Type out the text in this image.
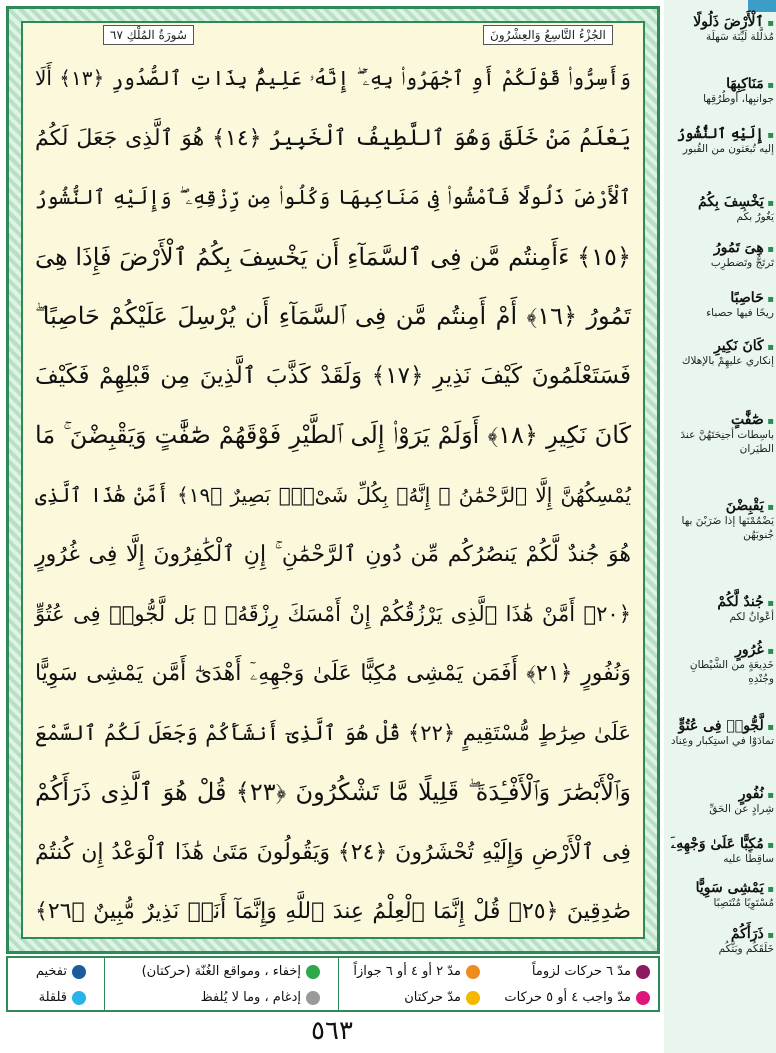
سُورَةُ المُلْكِ ٦٧	الجُزْءُ التَّاسِعُ وَالعِشْرُونَ
وَأَسِرُّوا۟ قَوْلَكُمْ أَوِ ٱجْهَرُوا۟ بِهِۦٓ ۖ إِنَّهُۥ عَلِيمٌۢ بِذَاتِ ٱلصُّدُورِ ﴿١٣﴾ أَلَا
يَعْلَمُ مَنْ خَلَقَ وَهُوَ ٱللَّطِيفُ ٱلْخَبِيرُ ﴿١٤﴾ هُوَ ٱلَّذِى جَعَلَ لَكُمُ
ٱلْأَرْضَ ذَلُولًا فَٱمْشُوا۟ فِى مَنَاكِبِهَا وَكُلُوا۟ مِن رِّزْقِهِۦ ۖ وَإِلَيْهِ ٱلنُّشُورُ
﴿١٥﴾ ءَأَمِنتُم مَّن فِى ٱلسَّمَآءِ أَن يَخْسِفَ بِكُمُ ٱلْأَرْضَ فَإِذَا هِىَ
تَمُورُ ﴿١٦﴾ أَمْ أَمِنتُم مَّن فِى ٱلسَّمَآءِ أَن يُرْسِلَ عَلَيْكُمْ حَاصِبًا ۖ
فَسَتَعْلَمُونَ كَيْفَ نَذِيرِ ﴿١٧﴾ وَلَقَدْ كَذَّبَ ٱلَّذِينَ مِن قَبْلِهِمْ فَكَيْفَ
كَانَ نَكِيرِ ﴿١٨﴾ أَوَلَمْ يَرَوْا۟ إِلَى ٱلطَّيْرِ فَوْقَهُمْ صَٰٓفَّٰتٍ وَيَقْبِضْنَ ۚ مَا
يُمْسِكُهُنَّ إِلَّا ٱلرَّحْمَٰنُ ۚ إِنَّهُۥ بِكُلِّ شَىْءٍۭ بَصِيرٌ ﴿١٩﴾ أَمَّنْ هَٰذَا ٱلَّذِى
هُوَ جُندٌ لَّكُمْ يَنصُرُكُم مِّن دُونِ ٱلرَّحْمَٰنِ ۚ إِنِ ٱلْكَٰفِرُونَ إِلَّا فِى غُرُورٍ
﴿٢٠﴾ أَمَّنْ هَٰذَا ٱلَّذِى يَرْزُقُكُمْ إِنْ أَمْسَكَ رِزْقَهُۥ ۚ بَل لَّجُّوا۟ فِى عُتُوٍّ
وَنُفُورٍ ﴿٢١﴾ أَفَمَن يَمْشِى مُكِبًّا عَلَىٰ وَجْهِهِۦٓ أَهْدَىٰٓ أَمَّن يَمْشِى سَوِيًّا
عَلَىٰ صِرَٰطٍ مُّسْتَقِيمٍ ﴿٢٢﴾ قُلْ هُوَ ٱلَّذِىٓ أَنشَأَكُمْ وَجَعَلَ لَكُمُ ٱلسَّمْعَ
وَٱلْأَبْصَٰرَ وَٱلْأَفْـِٔدَةَ ۖ قَلِيلًا مَّا تَشْكُرُونَ ﴿٢٣﴾ قُلْ هُوَ ٱلَّذِى ذَرَأَكُمْ
فِى ٱلْأَرْضِ وَإِلَيْهِ تُحْشَرُونَ ﴿٢٤﴾ وَيَقُولُونَ مَتَىٰ هَٰذَا ٱلْوَعْدُ إِن كُنتُمْ
صَٰدِقِينَ ﴿٢٥﴾ قُلْ إِنَّمَا ٱلْعِلْمُ عِندَ ٱللَّهِ وَإِنَّمَآ أَنَا۠ نَذِيرٌ مُّبِينٌ ﴿٢٦﴾
مدّ ٦ حركات لزوماً
مدّ ٢ أو ٤ أو ٦ جوازاً
إخفاء ، ومواقع الغُنّة (حركتان)
تفخيم
مدّ واجب ٤ أو ٥ حركات
مدّ حركتان
إدغام ، وما لا يُلفظ
قلقلة
٥٦٣
▪ ٱلْأَرْضَ ذَلُولًا
مُذلَّلة لَيِّنَة سَهلَة
▪ مَنَاكِبِهَا
جوانبِها، أوطُرُقِها
▪ إِلَيْهِ ٱلنُّشُورُ
إليه تُبعَثون من القُبور
▪ يَخْسِفَ بِكُمُ
يَغُورُ بكُم
▪ هِىَ تَمُورُ
تَرتَجُّ وتَضطرِب
▪ حَاصِبًا
ريحًا فيها حصباء
▪ كَانَ نَكِيرِ
إنكاري عليهِمْ بالإهلاك
▪ صَٰٓفَّٰتٍ
باسِطات أجنِحَتَهُنَّ عندَ الطيَران
▪ يَقْبِضْنَ
يَضْمُمْنَها إذا ضَرَبْنَ بها جُنوبَهُن
▪ جُندٌ لَّكُمْ
أعْوانٌ لكم
▪ غُرُورٍ
خَدِيعَةٍ من الشَّيْطانِ وجُنْدِهِ
▪ لَّجُّوا۟ فِى عُتُوٍّ
تمادَوْا في استِكبار وعِناد
▪ نُفُورٍ
شِرادٍ عن الحَقِّ
▪ مُكِبًّا عَلَىٰ وَجْهِهِۦٓ
ساقِطًا عليه
▪ يَمْشِى سَوِيًّا
مُسْتَوِيًا مُنْتَصِبًا
▪ ذَرَأَكُمْ
خَلَقَكُم وبَثَّكُم
